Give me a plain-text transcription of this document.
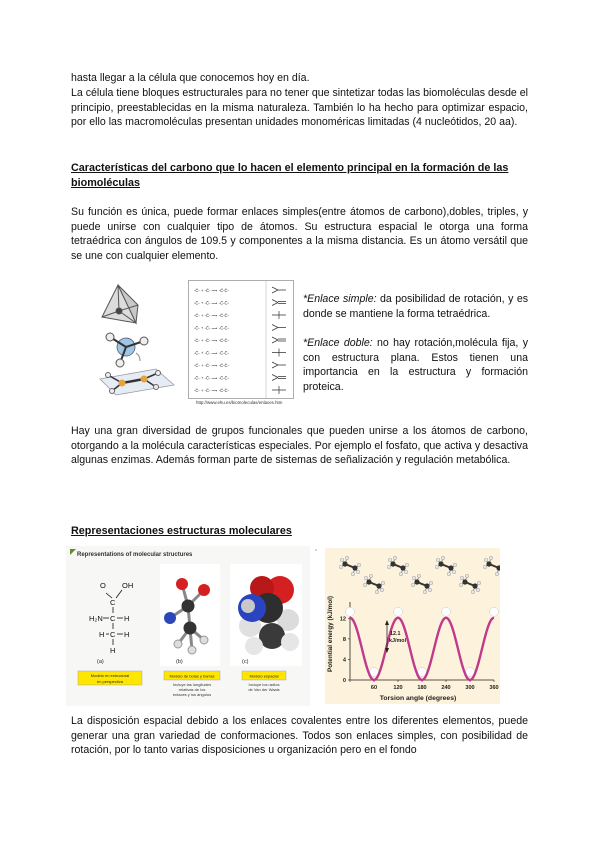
hasta llegar a la célula que conocemos hoy en día.

La célula tiene bloques estructurales para no tener que sintetizar todas las biomoléculas desde el principio, preestablecidas en la misma naturaleza. También lo ha hecho para optimizar espacio, por ello las macromoléculas presentan unidades monoméricas limitadas (4 nucleótidos, 20 aa).

Características del carbono que lo hacen el elemento principal en la formación de las biomoléculas

Su función es única, puede formar enlaces simples(entre átomos de carbono),dobles, triples, y puede unirse con cualquier tipo de átomos. Su estructura espacial le otorga una forma tetraédrica con ángulos de 109.5 y componentes a la misma distancia. Es un átomo versátil que se une con cualquier elemento.

-C̈- + -C̈- ⟶ -C̈-C̈-
-C̈- + -C̈- ⟶ -C̈-C̈-
-C̈- + -C̈- ⟶ -C̈-C̈-
-C̈- + -C̈- ⟶ -C̈-C̈-
-C̈- + -C̈- ⟶ -C̈-C̈-
-C̈- + -C̈- ⟶ -C̈-C̈-
-C̈- + -C̈- ⟶ -C̈-C̈-
-C̈- + -C̈- ⟶ -C̈-C̈-
-C̈- + -C̈- ⟶ -C̈-C̈-
http://www.ehu.es/biomoleculas/enlaces.htm

*Enlace simple: da posibilidad de rotación, y es donde se mantiene la forma tetraédrica.

*Enlace doble: no hay rotación,molécula fija, y con estructura plana. Estos tienen una importancia en la estructura y formación proteica.

Hay una gran diversidad de grupos funcionales que pueden unirse a los átomos de carbono, otorgando a la molécula características especiales. Por ejemplo el fosfato, que activa y desactiva algunas enzimas. Además forman parte de sistemas de señalización y regulación metabólica.

Representaciones estructuras moleculares

Representations of molecular structures
O OH
C
H₂N C H
H C H
H
(a)
Modelo en estructural
en perspectiva
(b)
Modelo de bolas y barras
Incluye las longitudes
relativas de los
enlaces y los ángulos
(c)
Modelo espacial
Incluye los radios
de Van der Waals
ᵃ
Potential energy (kJ/mol)
Torsion angle (degrees)
0
4
8
12
60	120	180	240	300	360
12.1
kJ/mol

La disposición espacial debido a los enlaces covalentes entre los diferentes elementos, puede generar una gran variedad de conformaciones. Todos son enlaces simples, con posibilidad de rotación, por lo tanto varias disposiciones u organización pero en el fondo
